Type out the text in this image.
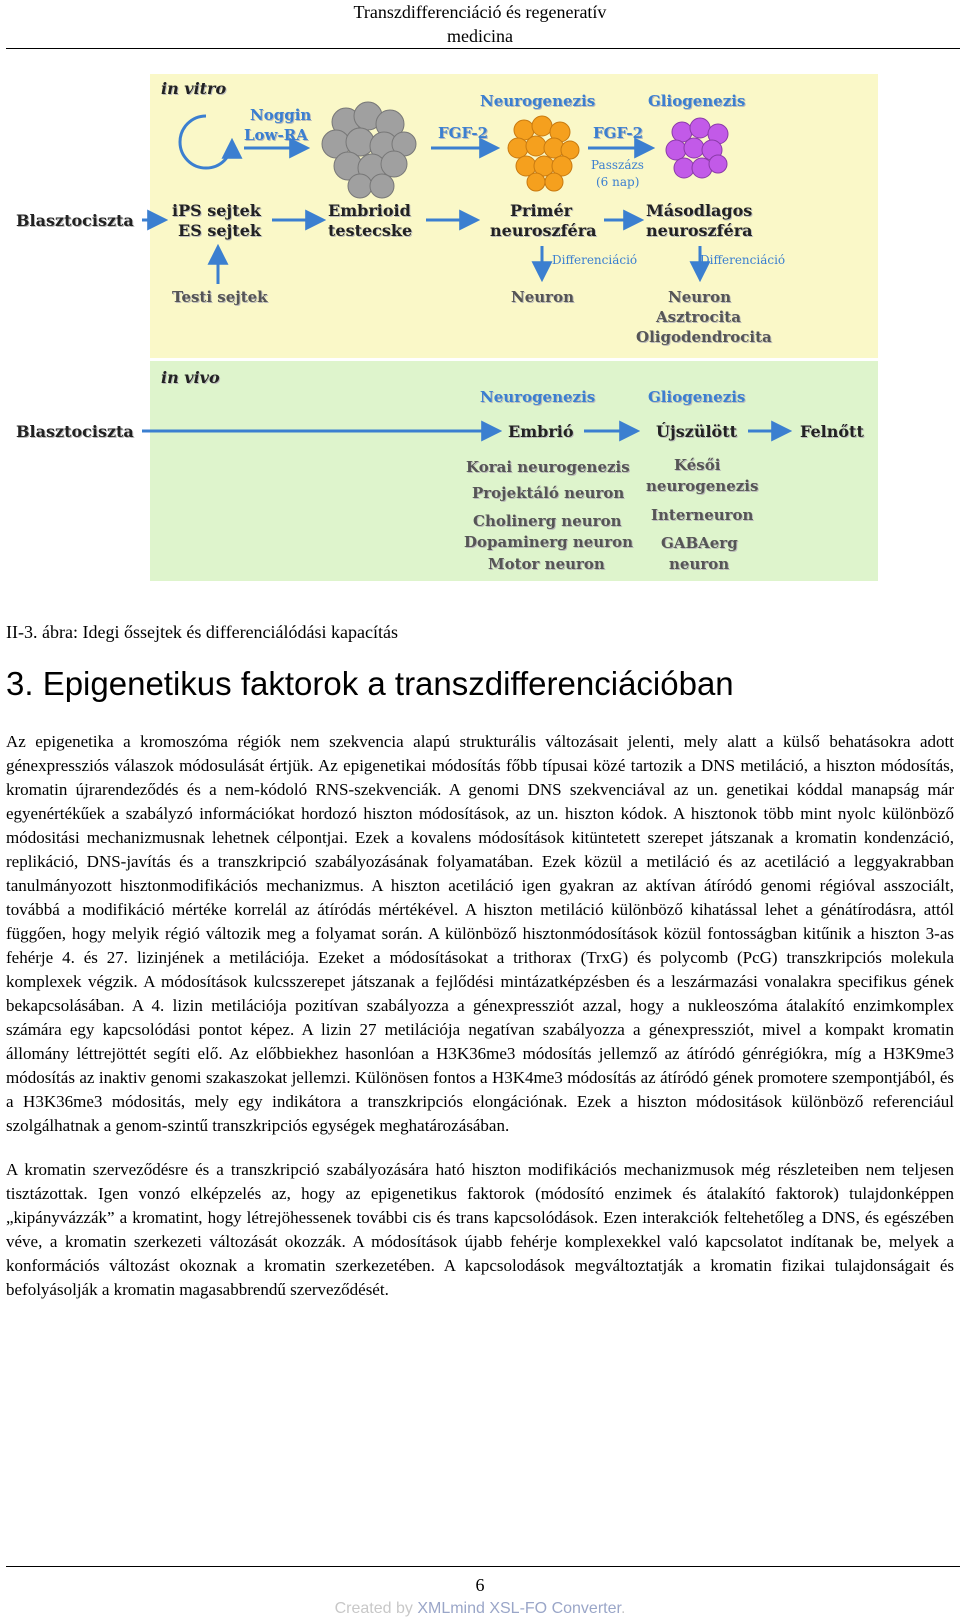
Transzdifferenciáció és regeneratív medicina
in vitro
Noggin
Low-RA	FGF-2
Neurogenezis
FGF-2
Passzázs
(6 nap)
Gliogenezis
Blasztociszta
iPS sejtek
ES sejtek
Embrioid
testecske
Primér
neuroszféra
Másodlagos
neuroszféra
Differenciáció	Differenciáció
Testi sejtek	Neuron	Neuron
Asztrocita
Oligodendrocita
in vivo
Neurogenezis	Gliogenezis
Blasztociszta	Embrió	Újszülött	Felnőtt
Korai neurogenezis
Projektáló neuron
Cholinerg neuron
Dopaminerg neuron
Motor neuron
Késői
neurogenezis
Interneuron
GABAerg
neuron
II-3. ábra: Idegi őssejtek és differenciálódási kapacítás
3. Epigenetikus faktorok a transzdifferenciációban

Az epigenetika a kromoszóma régiók nem szekvencia alapú strukturális változásait jelenti, mely alatt a külső behatásokra adott génexpressziós válaszok módosulását értjük. Az epigenetikai módosítás főbb típusai közé tartozik a DNS metiláció, a hiszton módosítás, kromatin újrarendeződés és a nem-kódoló RNS-szekvenciák. A genomi DNS szekvenciával az un. genetikai kóddal manapság már egyenértékűek a szabályzó információkat hordozó hiszton módosítások, az un. hiszton kódok. A hisztonok több mint nyolc különböző módositási mechanizmusnak lehetnek célpontjai. Ezek a kovalens módosítások kitüntetett szerepet játszanak a kromatin kondenzáció, replikáció, DNS-javítás és a transzkripció szabályozásának folyamatában. Ezek közül a metiláció és az acetiláció a leggyakrabban tanulmányozott hisztonmodifikációs mechanizmus. A hiszton acetiláció igen gyakran az aktívan átíródó genomi régióval asszociált, továbbá a modifikáció mértéke korrelál az átíródás mértékével. A hiszton metiláció különböző kihatással lehet a génátírodásra, attól függően, hogy melyik régió változik meg a folyamat során. A különböző hisztonmódosítások közül fontosságban kitűnik a hiszton 3-as fehérje 4. és 27. lizinjének a metilációja. Ezeket a módosításokat a trithorax (TrxG) és polycomb (PcG) transzkripciós molekula komplexek végzik. A módosítások kulcsszerepet játszanak a fejlődési mintázatképzésben és a leszármazási vonalakra specifikus gének bekapcsolásában. A 4. lizin metilációja pozitívan szabályozza a génexpressziót azzal, hogy a nukleoszóma átalakító enzimkomplex számára egy kapcsolódási pontot képez. A lizin 27 metilációja negatívan szabályozza a génexpressziót, mivel a kompakt kromatin állomány léttrejöttét segíti elő. Az előbbiekhez hasonlóan a H3K36me3 módosítás jellemző az átíródó génrégiókra, míg a H3K9me3 módosítás az inaktiv genomi szakaszokat jellemzi. Különösen fontos a H3K4me3 módosítás az átíródó gének promotere szempontjából, és a H3K36me3 módositás, mely egy indikátora a transzkripciós elongációnak. Ezek a hiszton módositások különböző referenciául szolgálhatnak a genom-szintű transzkripciós egységek meghatározásában.

A kromatin szerveződésre és a transzkripció szabályozására ható hiszton modifikációs mechanizmusok még részleteiben nem teljesen tisztázottak. Igen vonzó elképzelés az, hogy az epigenetikus faktorok (módosító enzimek és átalakító faktorok) tulajdonképpen „kipányvázzák” a kromatint, hogy létrejöhessenek további cis és trans kapcsolódások. Ezen interakciók feltehetőleg a DNS, és egészében véve, a kromatin szerkezeti változását okozzák. A módosítások újabb fehérje komplexekkel való kapcsolatot indítanak be, melyek a konformációs változást okoznak a kromatin szerkezetében. A kapcsolodások megváltoztatják a kromatin fizikai tulajdonságait és befolyásolják a kromatin magasabbrendű szerveződését.

6
Created by XMLmind XSL-FO Converter.
